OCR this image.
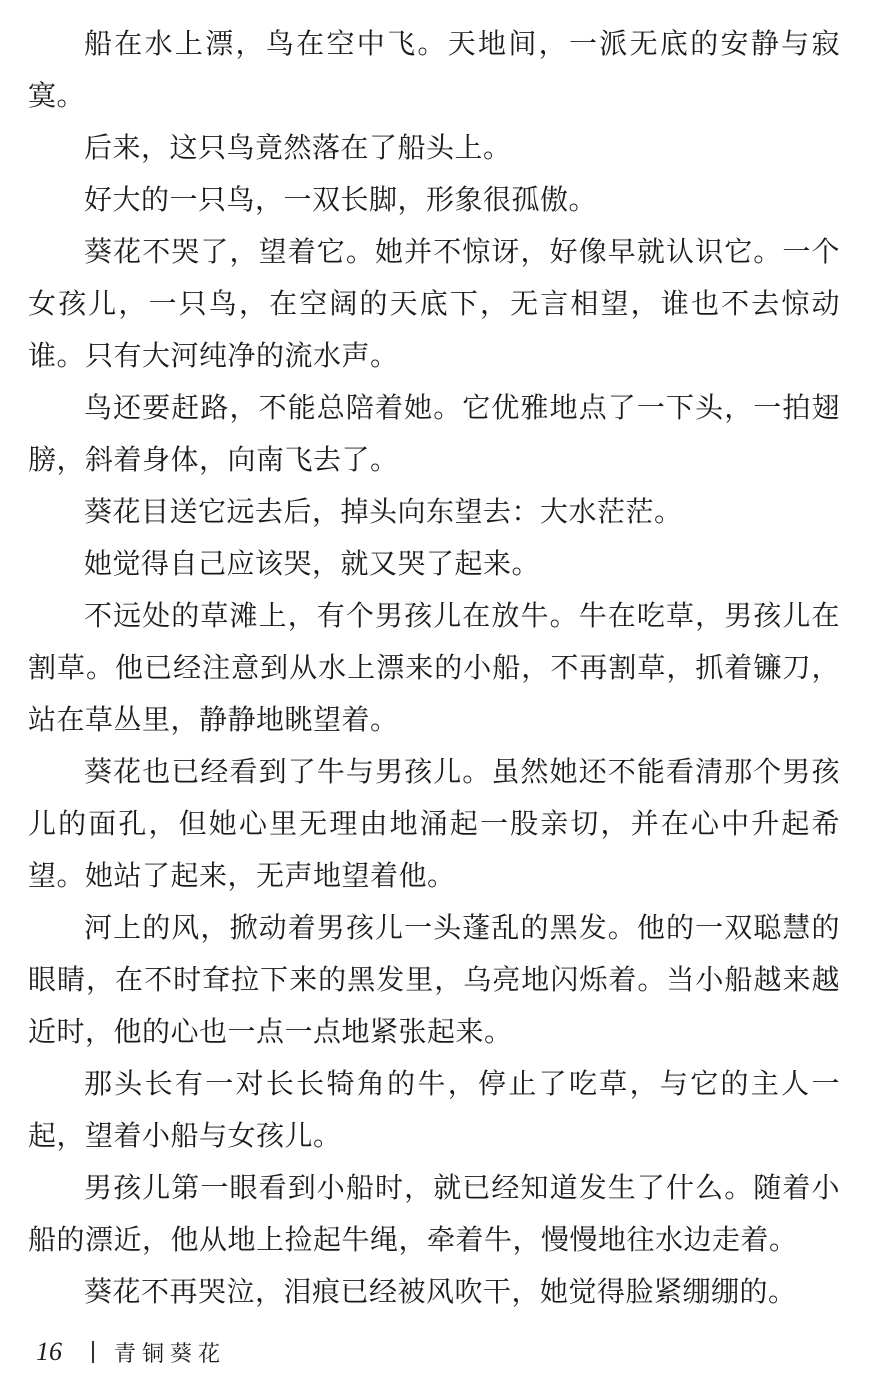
船在水上漂，鸟在空中飞。天地间，一派无底的安静与寂寞。

后来，这只鸟竟然落在了船头上。

好大的一只鸟，一双长脚，形象很孤傲。

葵花不哭了，望着它。她并不惊讶，好像早就认识它。一个女孩儿，一只鸟，在空阔的天底下，无言相望，谁也不去惊动谁。只有大河纯净的流水声。

鸟还要赶路，不能总陪着她。它优雅地点了一下头，一拍翅膀，斜着身体，向南飞去了。

葵花目送它远去后，掉头向东望去：大水茫茫。

她觉得自己应该哭，就又哭了起来。

不远处的草滩上，有个男孩儿在放牛。牛在吃草，男孩儿在割草。他已经注意到从水上漂来的小船，不再割草，抓着镰刀，站在草丛里，静静地眺望着。

葵花也已经看到了牛与男孩儿。虽然她还不能看清那个男孩儿的面孔，但她心里无理由地涌起一股亲切，并在心中升起希望。她站了起来，无声地望着他。

河上的风，掀动着男孩儿一头蓬乱的黑发。他的一双聪慧的眼睛，在不时耷拉下来的黑发里，乌亮地闪烁着。当小船越来越近时，他的心也一点一点地紧张起来。

那头长有一对长长犄角的牛，停止了吃草，与它的主人一起，望着小船与女孩儿。

男孩儿第一眼看到小船时，就已经知道发生了什么。随着小船的漂近，他从地上捡起牛绳，牵着牛，慢慢地往水边走着。

葵花不再哭泣，泪痕已经被风吹干，她觉得脸紧绷绷的。

16 青铜葵花
